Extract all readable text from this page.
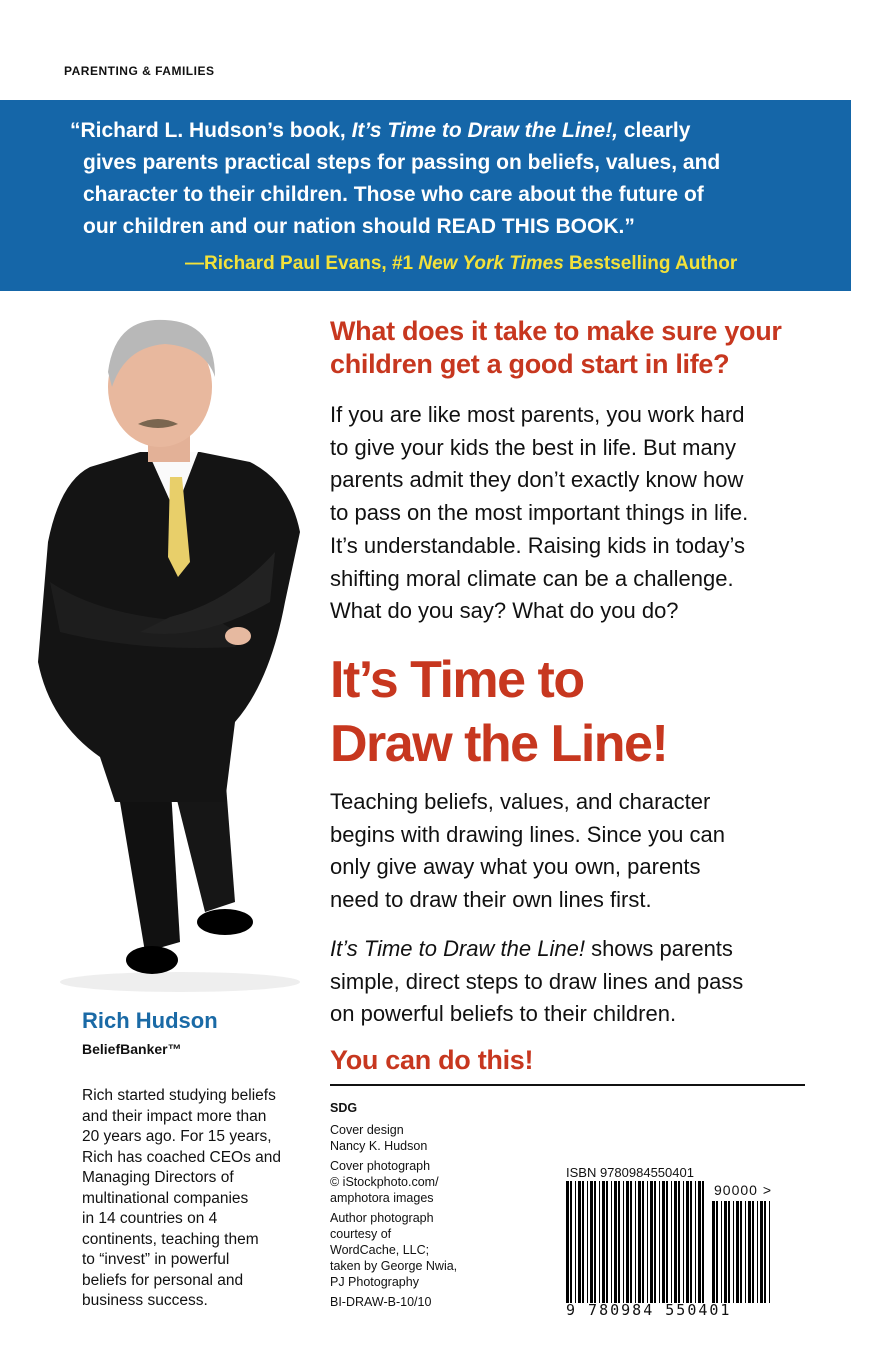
PARENTING & FAMILIES
“Richard L. Hudson’s book, It’s Time to Draw the Line!, clearly
gives parents practical steps for passing on beliefs, values, and
character to their children. Those who care about the future of
our children and our nation should READ THIS BOOK.”
—Richard Paul Evans, #1 New York Times Bestselling Author
What does it take to make sure your
children get a good start in life?
If you are like most parents, you work hard
to give your kids the best in life. But many
parents admit they don’t exactly know how
to pass on the most important things in life.
It’s understandable. Raising kids in today’s
shifting moral climate can be a challenge.
What do you say? What do you do?
It’s Time to
Draw the Line!
Teaching beliefs, values, and character
begins with drawing lines. Since you can
only give away what you own, parents
need to draw their own lines first.
It’s Time to Draw the Line! shows parents
simple, direct steps to draw lines and pass
on powerful beliefs to their children.
You can do this!
Rich Hudson
BeliefBanker™
Rich started studying beliefs
and their impact more than
20 years ago. For 15 years,
Rich has coached CEOs and
Managing Directors of
multinational companies
in 14 countries on 4
continents, teaching them
to “invest” in powerful
beliefs for personal and
business success.
SDG
Cover design
Nancy K. Hudson
Cover photograph
© iStockphoto.com/
amphotora images
Author photograph
courtesy of
WordCache, LLC;
taken by George Nwia,
PJ Photography
BI-DRAW-B-10/10
ISBN 9780984550401
90000 >
9 780984 550401
